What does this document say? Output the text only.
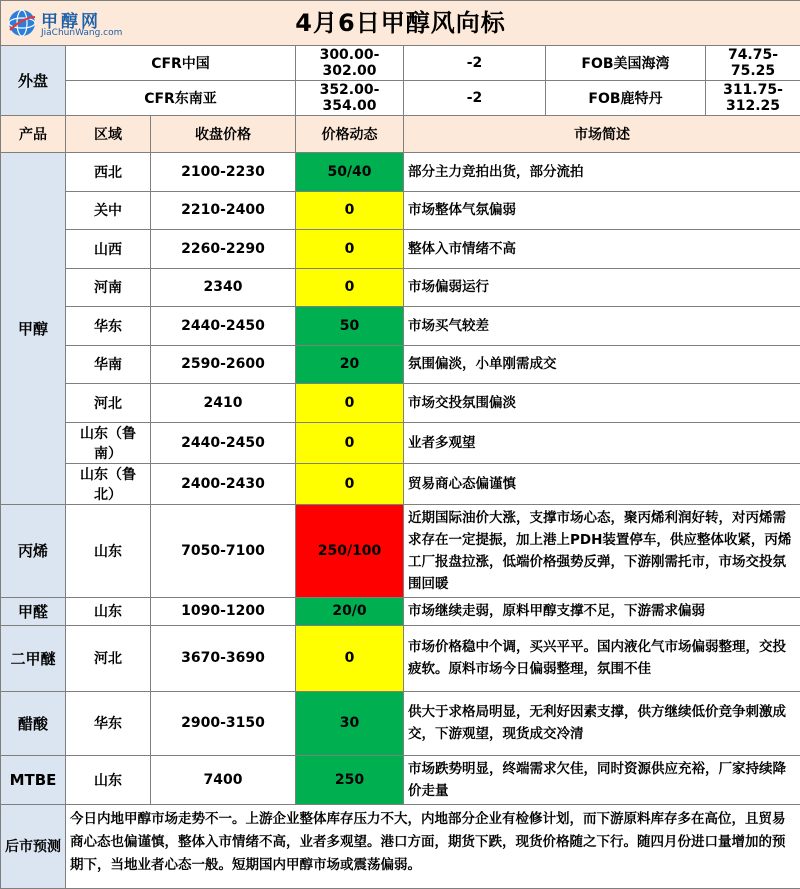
甲醇网
JiaChunWang.com 4月6日甲醇风向标							

外盘	CFR中国		300.00-302.00	-2	FOB美国海湾	74.75-75.25	
	CFR东南亚		352.00-354.00	-2	FOB鹿特丹	311.75-312.25	
产品	区域	收盘价格	价格动态	市场简述			
甲醇	西北	2100-2230	50/40	部分主力竞拍出货，部分流拍			
	关中	2210-2400	0	市场整体气氛偏弱			
	山西	2260-2290	0	整体入市情绪不高			
	河南	2340	0	市场偏弱运行			
	华东	2440-2450	50	市场买气较差			
	华南	2590-2600	20	氛围偏淡，小单刚需成交			
	河北	2410	0	市场交投氛围偏淡			
	山东（鲁南）	2440-2450	0	业者多观望			
	山东（鲁北）	2400-2430	0	贸易商心态偏谨慎			
丙烯	山东	7050-7100	250/100	近期国际油价大涨，支撑市场心态，聚丙烯利润好转，对丙烯需求存在一定提振，加上港上PDH装置停车，供应整体收紧，丙烯工厂报盘拉涨，低端价格强势反弹，下游刚需托市，市场交投氛围回暖			
甲醛	山东	1090-1200	20/0	市场继续走弱，原料甲醇支撑不足，下游需求偏弱			
二甲醚	河北	3670-3690	0	市场价格稳中个调，买兴平平。国内液化气市场偏弱整理，交投疲软。原料市场今日偏弱整理，氛围不佳			
醋酸	华东	2900-3150	30	供大于求格局明显，无利好因素支撑，供方继续低价竞争刺激成交，下游观望，现货成交冷清			
MTBE	山东	7400	250	市场跌势明显，终端需求欠佳，同时资源供应充裕，厂家持续降价走量			
后市预测	今日内地甲醇市场走势不一。上游企业整体库存压力不大，内地部分企业有检修计划，而下游原料库存多在高位，且贸易商心态也偏谨慎，整体入市情绪不高，业者多观望。港口方面，期货下跌，现货价格随之下行。随四月份进口量增加的预期下，当地业者心态一般。短期国内甲醇市场或震荡偏弱。						
